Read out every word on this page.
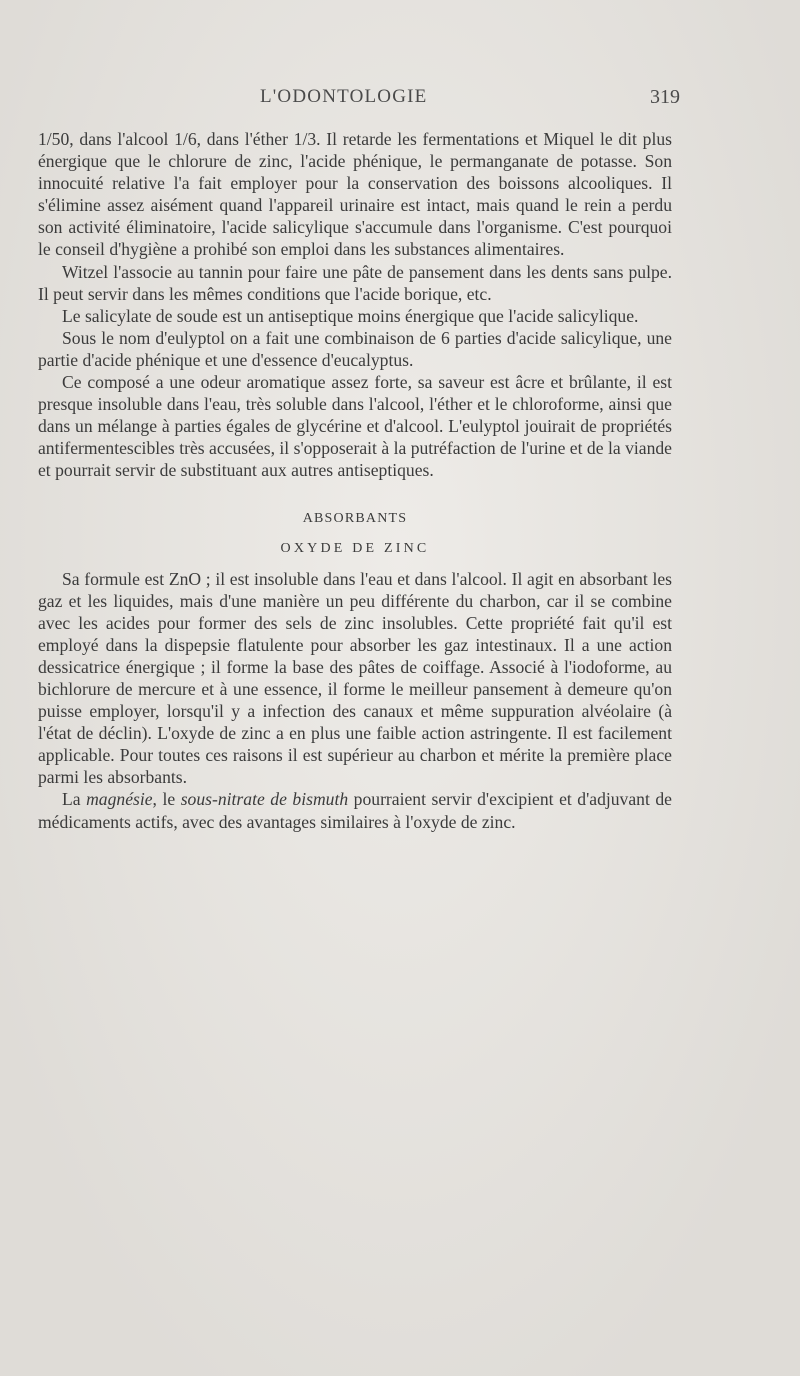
L'ODONTOLOGIE	319

1/50, dans l'alcool 1/6, dans l'éther 1/3. Il retarde les fermentations et Miquel le dit plus énergique que le chlorure de zinc, l'acide phénique, le permanganate de potasse. Son innocuité relative l'a fait employer pour la conservation des boissons alcooliques. Il s'élimine assez aisément quand l'appareil urinaire est intact, mais quand le rein a perdu son activité éliminatoire, l'acide salicylique s'accumule dans l'organisme. C'est pourquoi le conseil d'hygiène a prohibé son emploi dans les substances alimentaires.

Witzel l'associe au tannin pour faire une pâte de pansement dans les dents sans pulpe. Il peut servir dans les mêmes conditions que l'acide borique, etc.

Le salicylate de soude est un antiseptique moins énergique que l'acide salicylique.

Sous le nom d'eulyptol on a fait une combinaison de 6 parties d'acide salicylique, une partie d'acide phénique et une d'essence d'eucalyptus.

Ce composé a une odeur aromatique assez forte, sa saveur est âcre et brûlante, il est presque insoluble dans l'eau, très soluble dans l'alcool, l'éther et le chloroforme, ainsi que dans un mélange à parties égales de glycérine et d'alcool. L'eulyptol jouirait de propriétés antifermentescibles très accusées, il s'opposerait à la putréfaction de l'urine et de la viande et pourrait servir de substituant aux autres antiseptiques.

ABSORBANTS
OXYDE DE ZINC

Sa formule est ZnO ; il est insoluble dans l'eau et dans l'alcool. Il agit en absorbant les gaz et les liquides, mais d'une manière un peu différente du charbon, car il se combine avec les acides pour former des sels de zinc insolubles. Cette propriété fait qu'il est employé dans la dispepsie flatulente pour absorber les gaz intestinaux. Il a une action dessicatrice énergique ; il forme la base des pâtes de coiffage. Associé à l'iodoforme, au bichlorure de mercure et à une essence, il forme le meilleur pansement à demeure qu'on puisse employer, lorsqu'il y a infection des canaux et même suppuration alvéolaire (à l'état de déclin). L'oxyde de zinc a en plus une faible action astringente. Il est facilement applicable. Pour toutes ces raisons il est supérieur au charbon et mérite la première place parmi les absorbants.

La magnésie, le sous-nitrate de bismuth pourraient servir d'excipient et d'adjuvant de médicaments actifs, avec des avantages similaires à l'oxyde de zinc.
